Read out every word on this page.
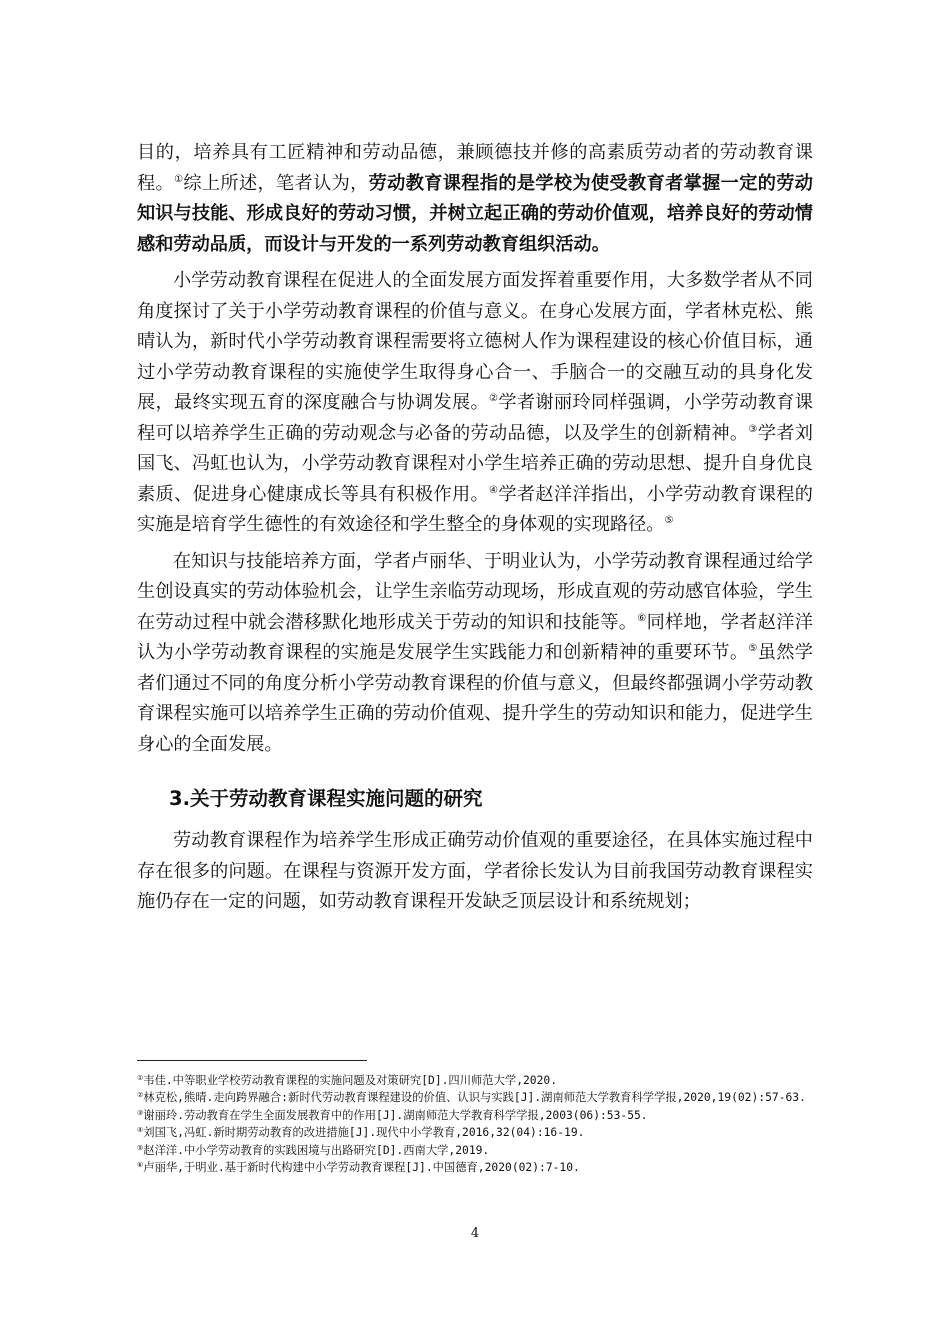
目的，培养具有工匠精神和劳动品德，兼顾德技并修的高素质劳动者的劳动教育课程。①综上所述，笔者认为，劳动教育课程指的是学校为使受教育者掌握一定的劳动知识与技能、形成良好的劳动习惯，并树立起正确的劳动价值观，培养良好的劳动情感和劳动品质，而设计与开发的一系列劳动教育组织活动。

小学劳动教育课程在促进人的全面发展方面发挥着重要作用，大多数学者从不同角度探讨了关于小学劳动教育课程的价值与意义。在身心发展方面，学者林克松、熊晴认为，新时代小学劳动教育课程需要将立德树人作为课程建设的核心价值目标，通过小学劳动教育课程的实施使学生取得身心合一、手脑合一的交融互动的具身化发展，最终实现五育的深度融合与协调发展。②学者谢丽玲同样强调，小学劳动教育课程可以培养学生正确的劳动观念与必备的劳动品德，以及学生的创新精神。③学者刘国飞、冯虹也认为，小学劳动教育课程对小学生培养正确的劳动思想、提升自身优良素质、促进身心健康成长等具有积极作用。④学者赵洋洋指出，小学劳动教育课程的实施是培育学生德性的有效途径和学生整全的身体观的实现路径。⑤

在知识与技能培养方面，学者卢丽华、于明业认为，小学劳动教育课程通过给学生创设真实的劳动体验机会，让学生亲临劳动现场，形成直观的劳动感官体验，学生在劳动过程中就会潜移默化地形成关于劳动的知识和技能等。⑥同样地，学者赵洋洋认为小学劳动教育课程的实施是发展学生实践能力和创新精神的重要环节。⑤虽然学者们通过不同的角度分析小学劳动教育课程的价值与意义，但最终都强调小学劳动教育课程实施可以培养学生正确的劳动价值观、提升学生的劳动知识和能力，促进学生身心的全面发展。

3.关于劳动教育课程实施问题的研究

劳动教育课程作为培养学生形成正确劳动价值观的重要途径，在具体实施过程中存在很多的问题。在课程与资源开发方面，学者徐长发认为目前我国劳动教育课程实施仍存在一定的问题，如劳动教育课程开发缺乏顶层设计和系统规划；

①韦佳.中等职业学校劳动教育课程的实施问题及对策研究[D].四川师范大学,2020.
②林克松,熊晴.走向跨界融合:新时代劳动教育课程建设的价值、认识与实践[J].湖南师范大学教育科学学报,2020,19(02):57-63.
③谢丽玲.劳动教育在学生全面发展教育中的作用[J].湖南师范大学教育科学学报,2003(06):53-55.
④刘国飞,冯虹.新时期劳动教育的改进措施[J].现代中小学教育,2016,32(04):16-19.
⑤赵洋洋.中小学劳动教育的实践困境与出路研究[D].西南大学,2019.
⑥卢丽华,于明业.基于新时代构建中小学劳动教育课程[J].中国德育,2020(02):7-10.
4
